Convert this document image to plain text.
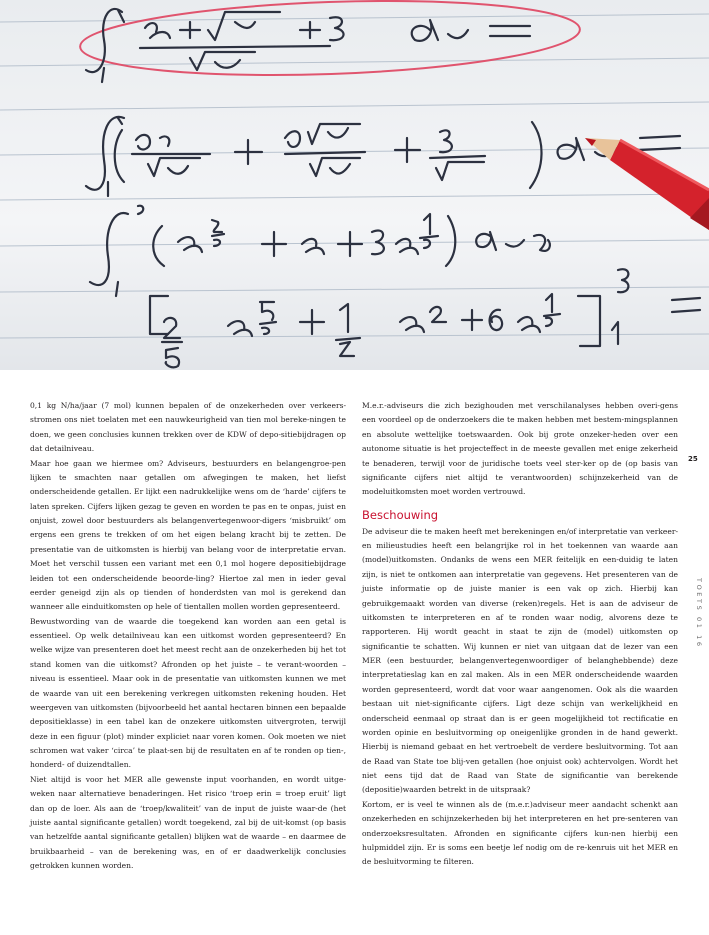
0,1 kg N/ha/jaar (7 mol) kunnen bepalen of de onzekerheden over verkeers-stromen ons niet toelaten met een nauwkeurigheid van tien mol bereke-ningen te doen, we geen conclusies kunnen trekken over de KDW of depo-sitiebijdragen op dat detailniveau.

Maar hoe gaan we hiermee om? Adviseurs, bestuurders en belangengroe-pen lijken te smachten naar getallen om afwegingen te maken, het liefst onderscheidende getallen. Er lijkt een nadrukkelijke wens om de ‘harde’ cijfers te laten spreken. Cijfers lijken gezag te geven en worden te pas en te onpas, juist en onjuist, zowel door bestuurders als belangenvertegenwoor-digers ‘misbruikt’ om ergens een grens te trekken of om het eigen belang kracht bij te zetten. De presentatie van de uitkomsten is hierbij van belang voor de interpretatie ervan. Moet het verschil tussen een variant met een 0,1 mol hogere depositiebijdrage leiden tot een onderscheidende beoorde-ling? Hiertoe zal men in ieder geval eerder geneigd zijn als op tienden of honderdsten van mol is gerekend dan wanneer alle einduitkomsten op hele of tientallen mollen worden gepresenteerd.

Bewustwording van de waarde die toegekend kan worden aan een getal is essentieel. Op welk detailniveau kan een uitkomst worden gepresenteerd? En welke wijze van presenteren doet het meest recht aan de onzekerheden bij het tot stand komen van die uitkomst? Afronden op het juiste – te verant-woorden – niveau is essentieel. Maar ook in de presentatie van uitkomsten kunnen we met de waarde van uit een berekening verkregen uitkomsten rekening houden. Het weergeven van uitkomsten (bijvoorbeeld het aantal hectaren binnen een bepaalde depositieklasse) in een tabel kan de onzekere uitkomsten uitvergroten, terwijl deze in een figuur (plot) minder expliciet naar voren komen. Ook moeten we niet schromen wat vaker ‘circa’ te plaat-sen bij de resultaten en af te ronden op tien-, honderd- of duizendtallen.

Niet altijd is voor het MER alle gewenste input voorhanden, en wordt uitge-weken naar alternatieve benaderingen. Het risico ‘troep erin = troep eruit’ ligt dan op de loer. Als aan de ‘troep/kwaliteit’ van de input de juiste waar-de (het juiste aantal significante getallen) wordt toegekend, zal bij de uit-komst (op basis van hetzelfde aantal significante getallen) blijken wat de waarde – en daarmee de bruikbaarheid – van de berekening was, en of er daadwerkelijk conclusies getrokken kunnen worden.

M.e.r.-adviseurs die zich bezighouden met verschilanalyses hebben overi-gens een voordeel op de onderzoekers die te maken hebben met bestem-mingsplannen en absolute wettelijke toetswaarden. Ook bij grote onzeker-heden over een autonome situatie is het projecteffect in de meeste gevallen met enige zekerheid te benaderen, terwijl voor de juridische toets veel ster-ker op de (op basis van significante cijfers niet altijd te verantwoorden) schijnzekerheid van de modeluitkomsten moet worden vertrouwd.

Beschouwing

De adviseur die te maken heeft met berekeningen en/of interpretatie van verkeer- en milieustudies heeft een belangrijke rol in het toekennen van waarde aan (model)uitkomsten. Ondanks de wens een MER feitelijk en een-duidig te laten zijn, is niet te ontkomen aan interpretatie van gegevens. Het presenteren van de juiste informatie op de juiste manier is een vak op zich. Hierbij kan gebruikgemaakt worden van diverse (reken)regels. Het is aan de adviseur de uitkomsten te interpreteren en af te ronden waar nodig, alvorens deze te rapporteren. Hij wordt geacht in staat te zijn de (model) uitkomsten op significantie te schatten. Wij kunnen er niet van uitgaan dat de lezer van een MER (een bestuurder, belangenvertegenwoordiger of belanghebbende) deze interpretatieslag kan en zal maken. Als in een MER onderscheidende waarden worden gepresenteerd, wordt dat voor waar aangenomen. Ook als die waarden bestaan uit niet-significante cijfers. Ligt deze schijn van werkelijkheid en onderscheid eenmaal op straat dan is er geen mogelijkheid tot rectificatie en worden opinie en besluitvorming op oneigenlijke gronden in de hand gewerkt. Hierbij is niemand gebaat en het vertroebelt de verdere besluitvorming. Tot aan de Raad van State toe blij-ven getallen (hoe onjuist ook) achtervolgen. Wordt het niet eens tijd dat de Raad van State de significantie van berekende (depositie)waarden betrekt in de uitspraak?

Kortom, er is veel te winnen als de (m.e.r.)adviseur meer aandacht schenkt aan onzekerheden en schijnzekerheden bij het interpreteren en het pre-senteren van onderzoeksresultaten. Afronden en significante cijfers kun-nen hierbij een hulpmiddel zijn. Er is soms een beetje lef nodig om de re-kenruis uit het MER en de besluitvorming te filteren.

25
TOETS 01 16
